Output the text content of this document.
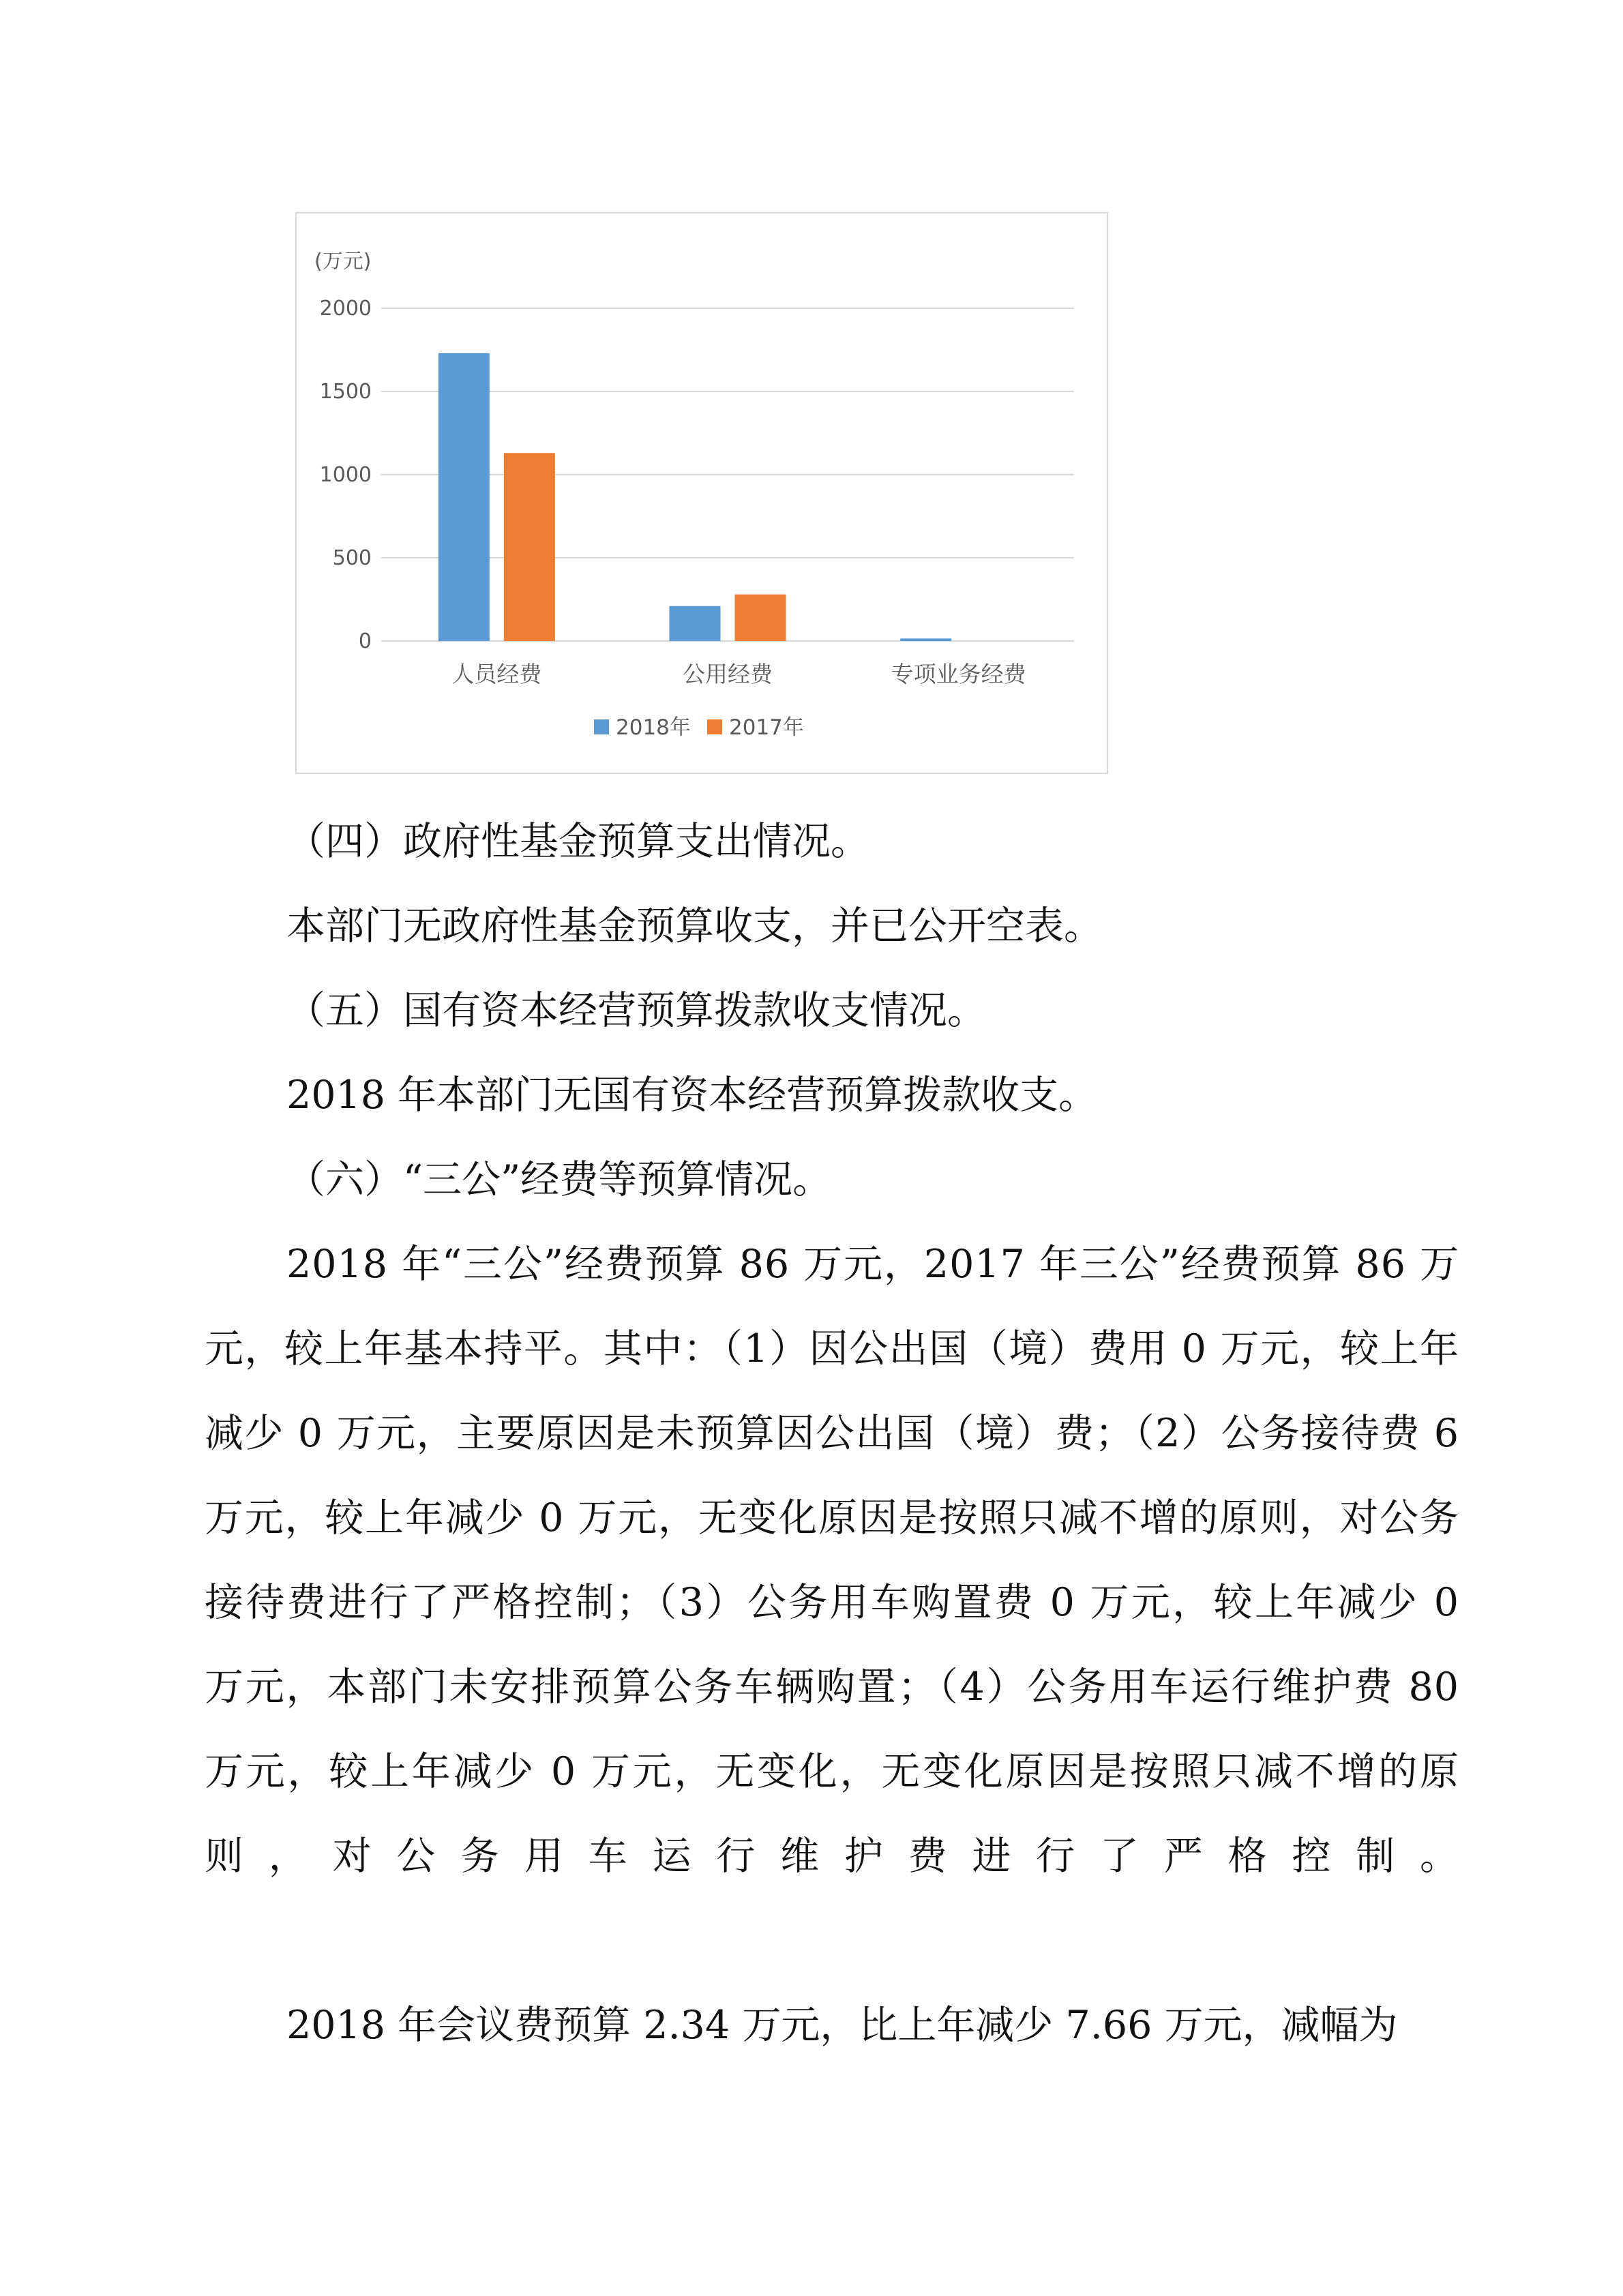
(万元)
0
500
1000
1500
2000
人员经费	公用经费	专项业务经费
2018年 2017年

（四）政府性基金预算支出情况。

本部门无政府性基金预算收支，并已公开空表。

（五）国有资本经营预算拨款收支情况。

2018 年本部门无国有资本经营预算拨款收支。

（六）“三公”经费等预算情况。

2018 年“三公”经费预算 86 万元，2017 年三公”经费预算 86 万元，较上年基本持平。其中：（1）因公出国（境）费用 0 万元，较上年减少 0 万元，主要原因是未预算因公出国（境）费；（2）公务接待费 6 万元，较上年减少 0 万元，无变化原因是按照只减不增的原则，对公务接待费进行了严格控制；（3）公务用车购置费 0 万元，较上年减少 0 万元，本部门未安排预算公务车辆购置；（4）公务用车运行维护费 80 万元，较上年减少 0 万元，无变化，无变化原因是按照只减不增的原则，对公务用车运行维护费进行了严格控制。

2018 年会议费预算 2.34 万元，比上年减少 7.66 万元，减幅为
